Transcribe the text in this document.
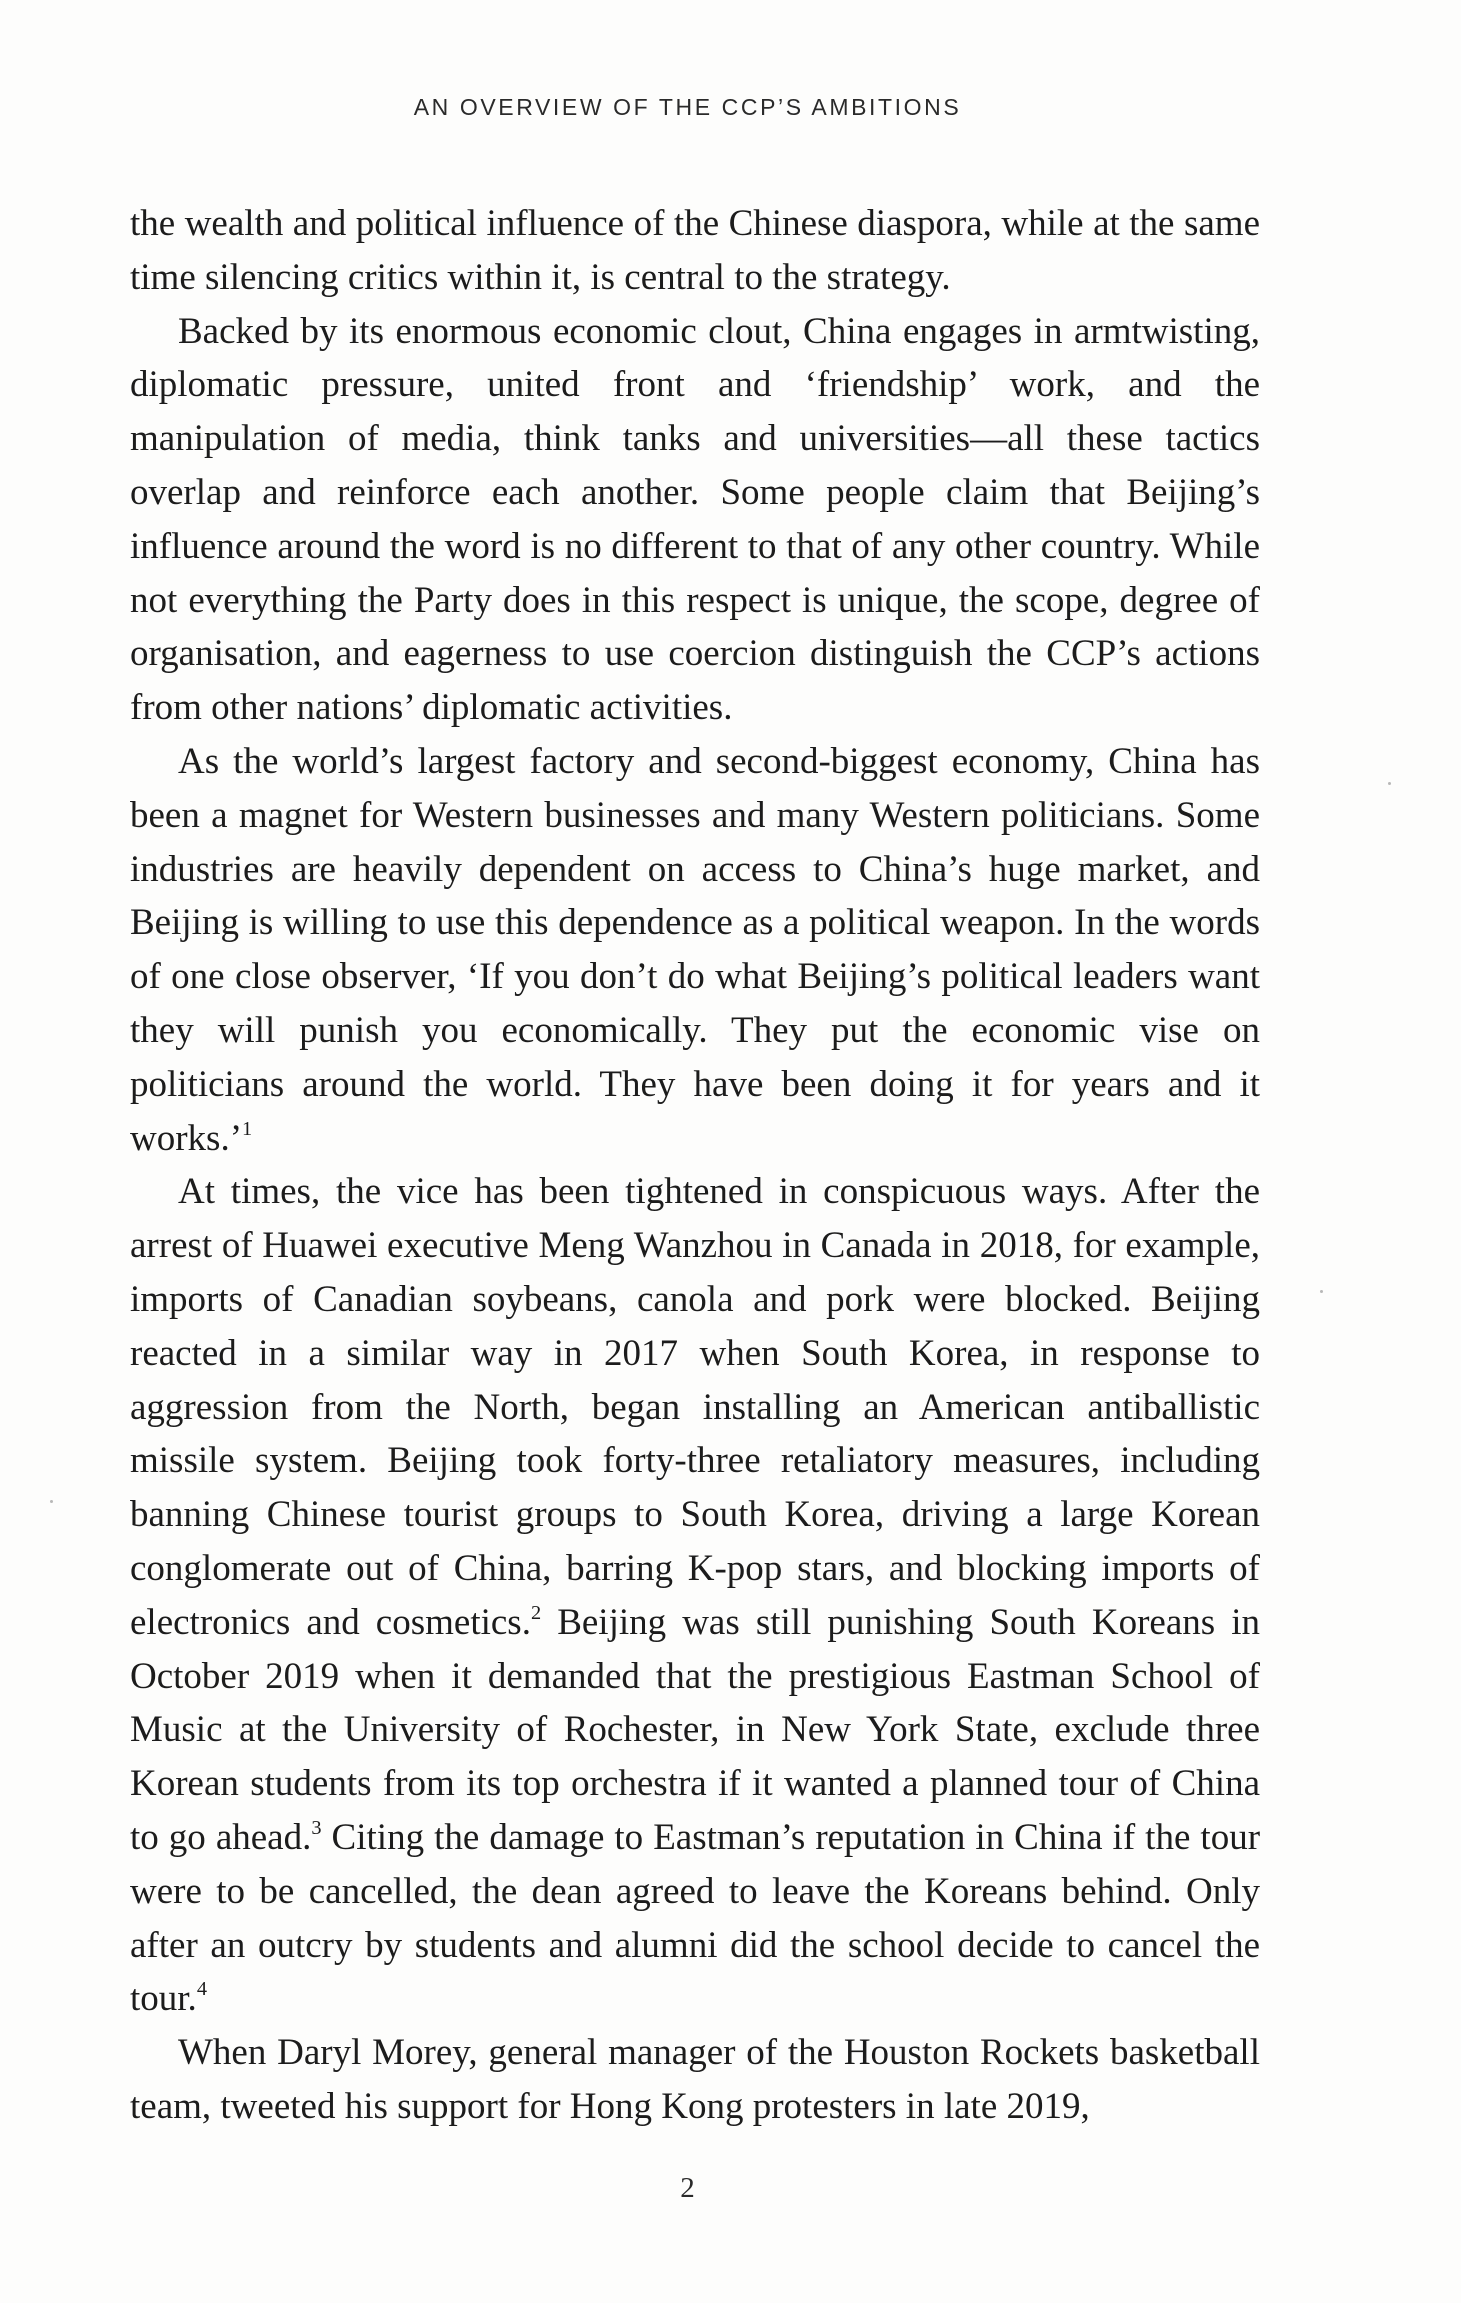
AN OVERVIEW OF THE CCP’S AMBITIONS

the wealth and political influence of the Chinese diaspora, while at the same time silencing critics within it, is central to the strategy.

Backed by its enormous economic clout, China engages in armtwisting, diplomatic pressure, united front and ‘friendship’ work, and the manipulation of media, think tanks and universities—all these tactics overlap and reinforce each another. Some people claim that Beijing’s influence around the word is no different to that of any other country. While not everything the Party does in this respect is unique, the scope, degree of organisation, and eagerness to use coercion distinguish the CCP’s actions from other nations’ diplomatic activities.

As the world’s largest factory and second-biggest economy, China has been a magnet for Western businesses and many Western politicians. Some industries are heavily dependent on access to China’s huge market, and Beijing is willing to use this dependence as a political weapon. In the words of one close observer, ‘If you don’t do what Beijing’s political leaders want they will punish you economically. They put the economic vise on politicians around the world. They have been doing it for years and it works.’$^1$

At times, the vice has been tightened in conspicuous ways. After the arrest of Huawei executive Meng Wanzhou in Canada in 2018, for example, imports of Canadian soybeans, canola and pork were blocked. Beijing reacted in a similar way in 2017 when South Korea, in response to aggression from the North, began installing an American antiballistic missile system. Beijing took forty-three retaliatory measures, including banning Chinese tourist groups to South Korea, driving a large Korean conglomerate out of China, barring K-pop stars, and blocking imports of electronics and cosmetics.$^2$ Beijing was still punishing South Koreans in October 2019 when it demanded that the prestigious Eastman School of Music at the University of Rochester, in New York State, exclude three Korean students from its top orchestra if it wanted a planned tour of China to go ahead.$^3$ Citing the damage to Eastman’s reputation in China if the tour were to be cancelled, the dean agreed to leave the Koreans behind. Only after an outcry by students and alumni did the school decide to cancel the tour.$^4$

When Daryl Morey, general manager of the Houston Rockets basketball team, tweeted his support for Hong Kong protesters in late 2019,

2
